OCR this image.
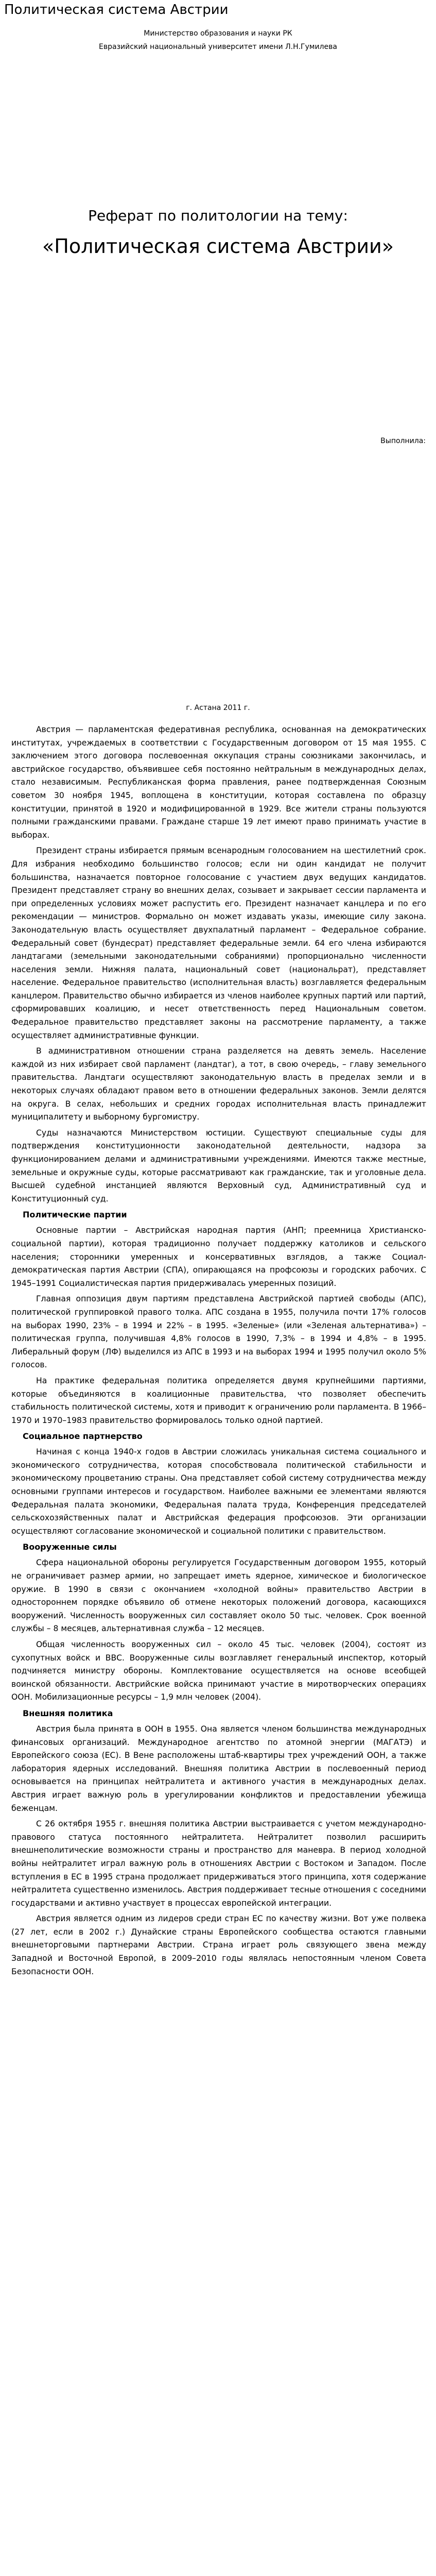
Политическая система Австрии
Министерство образования и науки РК
Евразийский национальный университет имени Л.Н.Гумилева
Реферат по политологии на тему:
«Политическая система Австрии»
Выполнила:
г. Астана 2011 г.

Австрия — парламентская федеративная республика, основанная на демократических институтах, учреждаемых в соответствии с Государственным договором от 15 мая 1955. С заключением этого договора послевоенная оккупация страны союзниками закончилась, и австрийское государство, объявившее себя постоянно нейтральным в международных делах, стало независимым. Республиканская форма правления, ранее подтвержденная Союзным советом 30 ноября 1945, воплощена в конституции, которая составлена по образцу конституции, принятой в 1920 и модифицированной в 1929. Все жители страны пользуются полными гражданскими правами. Граждане старше 19 лет имеют право принимать участие в выборах.

Президент страны избирается прямым всенародным голосованием на шестилетний срок. Для избрания необходимо большинство голосов; если ни один кандидат не получит большинства, назначается повторное голосование с участием двух ведущих кандидатов. Президент представляет страну во внешних делах, созывает и закрывает сессии парламента и при определенных условиях может распустить его. Президент назначает канцлера и по его рекомендации — министров. Формально он может издавать указы, имеющие силу закона. Законодательную власть осуществляет двухпалатный парламент – Федеральное собрание. Федеральный совет (бундесрат) представляет федеральные земли. 64 его члена избираются ландтагами (земельными законодательными собраниями) пропорционально численности населения земли. Нижняя палата, национальный совет (национальрат), представляет население. Федеральное правительство (исполнительная власть) возглавляется федеральным канцлером. Правительство обычно избирается из членов наиболее крупных партий или партий, сформировавших коалицию, и несет ответственность перед Национальным советом. Федеральное правительство представляет законы на рассмотрение парламенту, а также осуществляет административные функции.

В административном отношении страна разделяется на девять земель. Население каждой из них избирает свой парламент (ландтаг), а тот, в свою очередь, – главу земельного правительства. Ландтаги осуществляют законодательную власть в пределах земли и в некоторых случаях обладают правом вето в отношении федеральных законов. Земли делятся на округа. В селах, небольших и средних городах исполнительная власть принадлежит муниципалитету и выборному бургомистру.

Суды назначаются Министерством юстиции. Существуют специальные суды для подтверждения конституционности законодательной деятельности, надзора за функционированием делами и административными учреждениями. Имеются также местные, земельные и окружные суды, которые рассматривают как гражданские, так и уголовные дела. Высшей судебной инстанцией являются Верховный суд, Административный суд и Конституционный суд.

Политические партии

Основные партии – Австрийская народная партия (АНП; преемница Христианско-социальной партии), которая традиционно получает поддержку католиков и сельского населения; сторонники умеренных и консервативных взглядов, а также Социал-демократическая партия Австрии (СПА), опирающаяся на профсоюзы и городских рабочих. С 1945–1991 Социалистическая партия придерживалась умеренных позиций.

Главная оппозиция двум партиям представлена Австрийской партией свободы (АПС), политической группировкой правого толка. АПС создана в 1955, получила почти 17% голосов на выборах 1990, 23% – в 1994 и 22% – в 1995. «Зеленые» (или «Зеленая альтернатива») – политическая группа, получившая 4,8% голосов в 1990, 7,3% – в 1994 и 4,8% – в 1995. Либеральный форум (ЛФ) выделился из АПС в 1993 и на выборах 1994 и 1995 получил около 5% голосов.

На практике федеральная политика определяется двумя крупнейшими партиями, которые объединяются в коалиционные правительства, что позволяет обеспечить стабильность политической системы, хотя и приводит к ограничению роли парламента. В 1966–1970 и 1970–1983 правительство формировалось только одной партией.

Социальное партнерство

Начиная с конца 1940-х годов в Австрии сложилась уникальная система социального и экономического сотрудничества, которая способствовала политической стабильности и экономическому процветанию страны. Она представляет собой систему сотрудничества между основными группами интересов и государством. Наиболее важными ее элементами являются Федеральная палата экономики, Федеральная палата труда, Конференция председателей сельскохозяйственных палат и Австрийская федерация профсоюзов. Эти организации осуществляют согласование экономической и социальной политики с правительством.

Вооруженные силы

Сфера национальной обороны регулируется Государственным договором 1955, который не ограничивает размер армии, но запрещает иметь ядерное, химическое и биологическое оружие. В 1990 в связи с окончанием «холодной войны» правительство Австрии в одностороннем порядке объявило об отмене некоторых положений договора, касающихся вооружений. Численность вооруженных сил составляет около 50 тыс. человек. Срок военной службы – 8 месяцев, альтернативная служба – 12 месяцев.

Общая численность вооруженных сил – около 45 тыс. человек (2004), состоят из сухопутных войск и ВВС. Вооруженные силы возглавляет генеральный инспектор, который подчиняется министру обороны. Комплектование осуществляется на основе всеобщей воинской обязанности. Австрийские войска принимают участие в миротворческих операциях ООН. Мобилизационные ресурсы – 1,9 млн человек (2004).

Внешняя политика

Австрия была принята в ООН в 1955. Она является членом большинства международных финансовых организаций. Международное агентство по атомной энергии (МАГАТЭ) и Европейского союза (ЕС). В Вене расположены штаб-квартиры трех учреждений ООН, а также лаборатория ядерных исследований. Внешняя политика Австрии в послевоенный период основывается на принципах нейтралитета и активного участия в международных делах. Австрия играет важную роль в урегулировании конфликтов и предоставлении убежища беженцам.

С 26 октября 1955 г. внешняя политика Австрии выстраивается с учетом международно-правового статуса постоянного нейтралитета. Нейтралитет позволил расширить внешнеполитические возможности страны и пространство для маневра. В период холодной войны нейтралитет играл важную роль в отношениях Австрии с Востоком и Западом. После вступления в ЕС в 1995 страна продолжает придерживаться этого принципа, хотя содержание нейтралитета существенно изменилось. Австрия поддерживает тесные отношения с соседними государствами и активно участвует в процессах европейской интеграции.

Австрия является одним из лидеров среди стран ЕС по качеству жизни. Вот уже полвека (27 лет, если в 2002 г.) Дунайские страны Европейского сообщества остаются главными внешнеторговыми партнерами Австрии. Страна играет роль связующего звена между Западной и Восточной Европой, в 2009–2010 годы являлась непостоянным членом Совета Безопасности ООН.
